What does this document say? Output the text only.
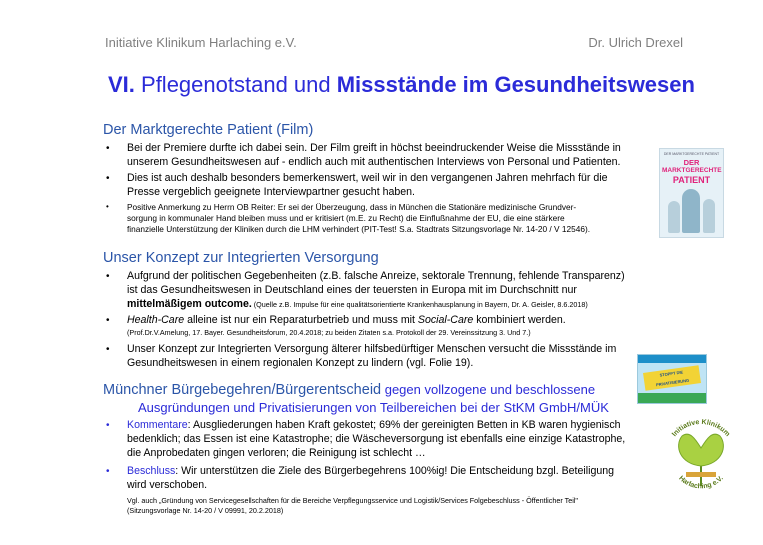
Initiative Klinikum Harlaching e.V.	Dr. Ulrich Drexel
VI. Pflegenotstand und Missstände im Gesundheitswesen
Der Marktgerechte Patient (Film)
• Bei der Premiere durfte ich dabei sein. Der Film greift in höchst beeindruckender Weise die Missstände in
unserem Gesundheitswesen auf - endlich auch mit authentischen Interviews von Personal und Patienten.
• Dies ist auch deshalb besonders bemerkenswert, weil wir in den vergangenen Jahren mehrfach für die
Presse vergeblich geeignete Interviewpartner gesucht haben.
• Positive Anmerkung zu Herrn OB Reiter: Er sei der Überzeugung, dass in München die Stationäre medizinische Grundver-
sorgung in kommunaler Hand bleiben muss und er kritisiert (m.E. zu Recht) die Einflußnahme der EU, die eine stärkere
finanzielle Unterstützung der Kliniken durch die LHM verhindert (PIT-Test! S.a. Stadtrats Sitzungsvorlage Nr. 14-20 / V 12546).
DER MARKTGERECHTE PATIENT
DER
MARKTGERECHTE
PATIENT
Unser Konzept zur Integrierten Versorgung
• Aufgrund der politischen Gegebenheiten (z.B. falsche Anreize, sektorale Trennung, fehlende Transparenz)
ist das Gesundheitswesen in Deutschland eines der teuersten in Europa mit im Durchschnitt nur
mittelmäßigem outcome. (Quelle z.B. Impulse für eine qualitätsorientierte Krankenhausplanung in Bayern, Dr. A. Geisler, 8.6.2018)
• Health-Care alleine ist nur ein Reparaturbetrieb und muss mit Social-Care kombiniert werden.
(Prof.Dr.V.Amelung, 17. Bayer. Gesundheitsforum, 20.4.2018; zu beiden Zitaten s.a. Protokoll der 29. Vereinssitzung 3. Und 7.)
• Unser Konzept zur Integrierten Versorgung älterer hilfsbedürftiger Menschen versucht die Missstände im
Gesundheitswesen in einem regionalen Konzept zu lindern (vgl. Folie 19).
Münchner Bürgebegehren/Bürgerentscheid gegen vollzogene und beschlossene
Ausgründungen und Privatisierungen von Teilbereichen bei der StKM GmbH/MÜK
• Kommentare: Ausgliederungen haben Kraft gekostet; 69% der gereinigten Betten in KB waren hygienisch
bedenklich; das Essen ist eine Katastrophe; die Wäscheversorgung ist ebenfalls eine einzige Katastrophe,
die Anprobedaten gingen verloren; die Reinigung ist schlecht …
• Beschluss: Wir unterstützen die Ziele des Bürgerbegehrens 100%ig! Die Entscheidung bzgl. Beteiligung
wird verschoben.
Vgl. auch „Gründung von Servicegesellschaften für die Bereiche Verpflegungsservice und Logistik/Services Folgebeschluss - Öffentlicher Teil"
(Sitzungsvorlage Nr. 14-20 / V 09991, 20.2.2018)
STOPPT DIE PRIVATISIERUNG
Initiative Klinikum
Harlaching e.V.
